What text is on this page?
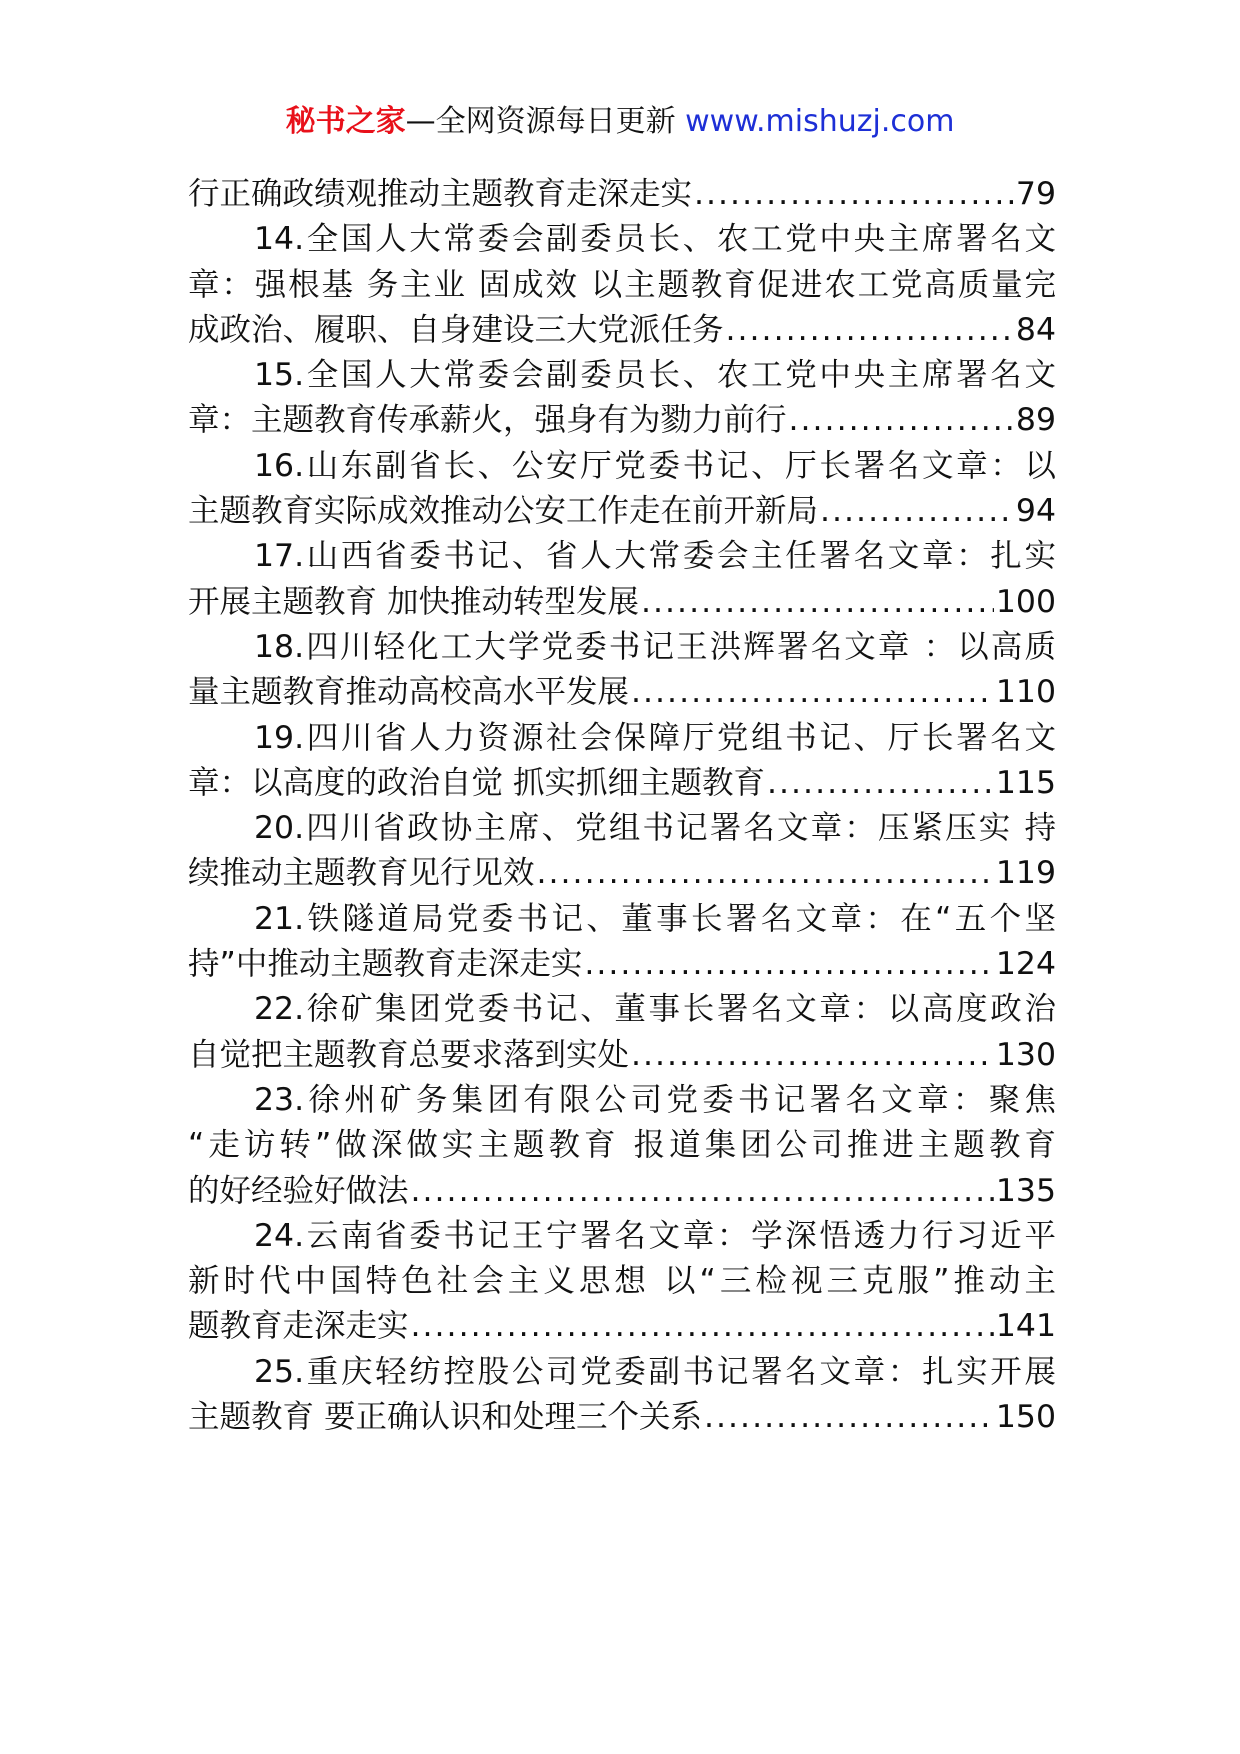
秘书之家—全网资源每日更新 www.mishuzj.com
行正确政绩观推动主题教育走深走实 .....	79
14.全国人大常委会副委员长、农工党中央主席署名文
章：强根基 务主业 固成效 以主题教育促进农工党高质量完
成政治、履职、自身建设三大党派任务 .....	84
15.全国人大常委会副委员长、农工党中央主席署名文
章：主题教育传承薪火，强身有为勠力前行 .....	89
16.山东副省长、公安厅党委书记、厅长署名文章：以
主题教育实际成效推动公安工作走在前开新局 .....	94
17.山西省委书记、省人大常委会主任署名文章：扎实
开展主题教育 加快推动转型发展 .....	100
18.四川轻化工大学党委书记王洪辉署名文章 ：以高质
量主题教育推动高校高水平发展 .....	110
19.四川省人力资源社会保障厅党组书记、厅长署名文
章：以高度的政治自觉 抓实抓细主题教育 .....	115
20.四川省政协主席、党组书记署名文章：压紧压实 持
续推动主题教育见行见效 .....	119
21.铁隧道局党委书记、董事长署名文章：在“五个坚
持”中推动主题教育走深走实 .....	124
22.徐矿集团党委书记、董事长署名文章：以高度政治
自觉把主题教育总要求落到实处 .....	130
23.徐州矿务集团有限公司党委书记署名文章：聚焦
“走访转”做深做实主题教育 报道集团公司推进主题教育
的好经验好做法 .....	135
24.云南省委书记王宁署名文章：学深悟透力行习近平
新时代中国特色社会主义思想 以“三检视三克服”推动主
题教育走深走实 .....	141
25.重庆轻纺控股公司党委副书记署名文章：扎实开展
主题教育 要正确认识和处理三个关系 .....	150
